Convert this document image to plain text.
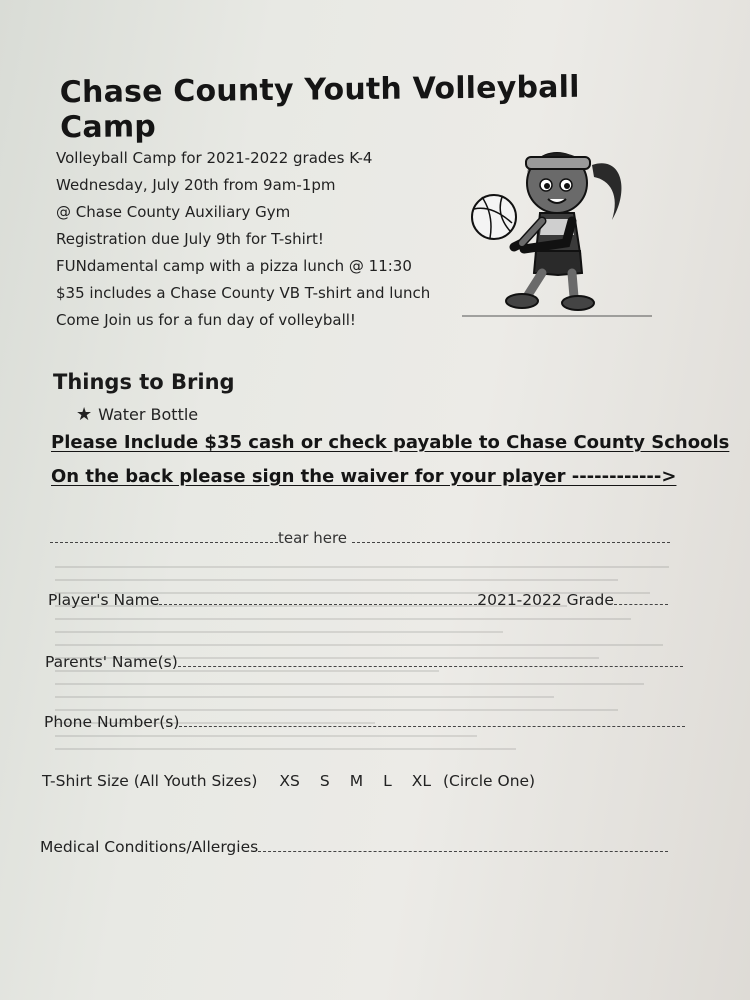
Chase County Youth Volleyball Camp
Volleyball Camp for 2021-2022 grades K-4
Wednesday, July 20th from 9am-1pm
@ Chase County Auxiliary Gym
Registration due July 9th for T-shirt!
FUNdamental camp with a pizza lunch @ 11:30
$35 includes a Chase County VB T-shirt and lunch
Come Join us for a fun day of volleyball!
Things to Bring
★ Water Bottle
Please Include $35 cash or check payable to Chase County Schools
On the back please sign the waiver for your player ------------>
tear here
Player's Name	2021-2022 Grade
Parents' Name(s)
Phone Number(s)
T-Shirt Size (All Youth Sizes) XS S M L XL (Circle One)
Medical Conditions/Allergies
